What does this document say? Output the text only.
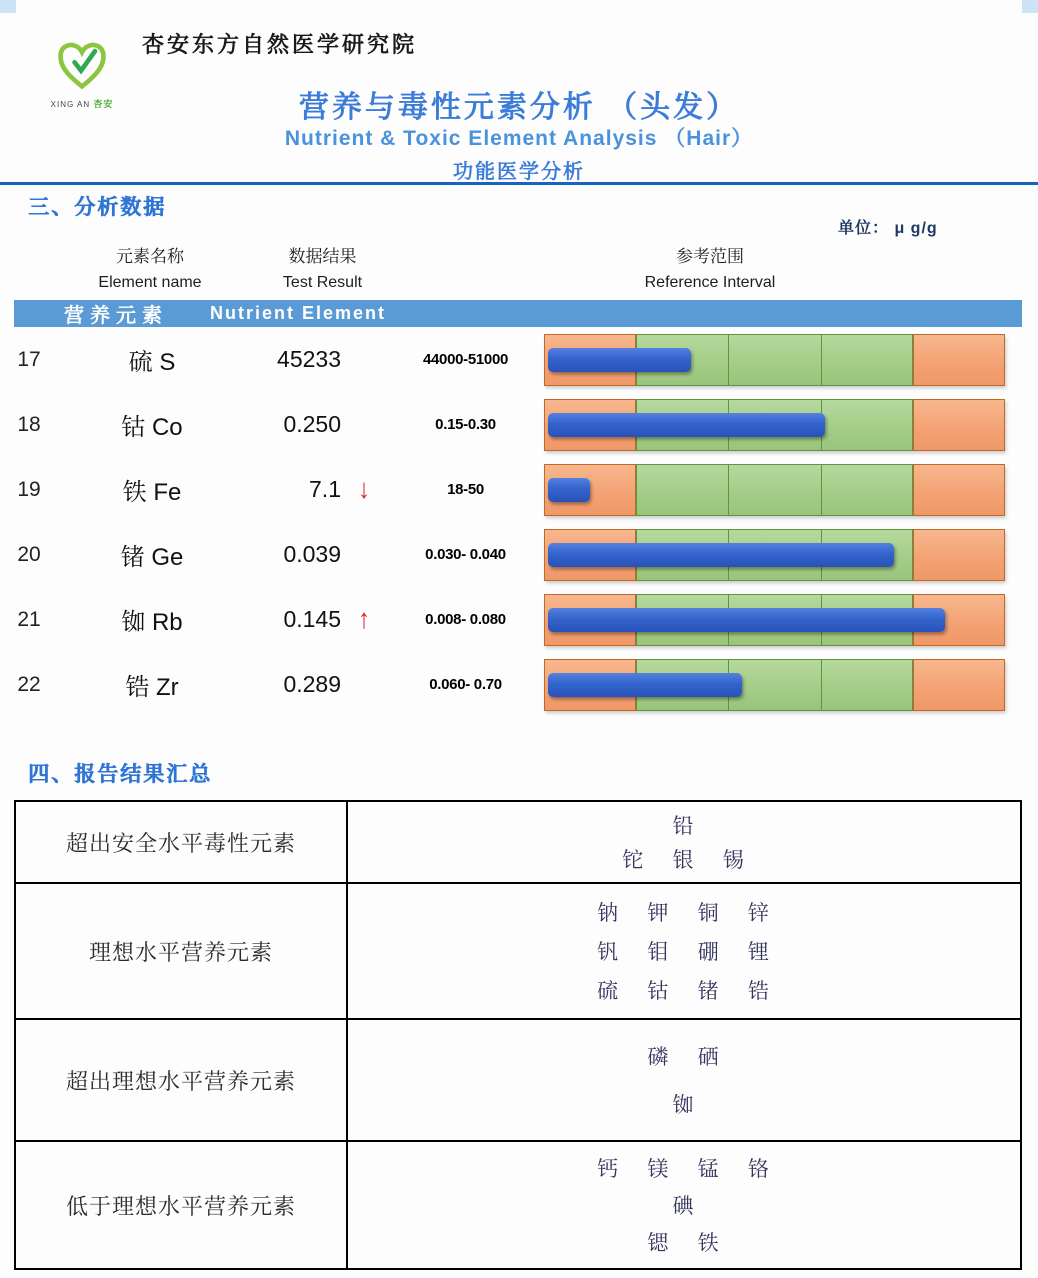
XING AN 杏安
杏安东方自然医学研究院
营养与毒性元素分析 （头发）
Nutrient & Toxic Element Analysis （Hair）
功能医学分析
三、分析数据
单位： μ g/g
元素名称
Element name
数据结果
Test Result
参考范围
Reference Interval
营养元素 Nutrient Element
17	硫 S	45233	44000-51000
18	钴 Co	0.250	0.15-0.30
19	铁 Fe	7.1 ↓	18-50
20	锗 Ge	0.039	0.030- 0.040
21	铷 Rb	0.145 ↑	0.008- 0.080
22	锆 Zr	0.289	0.060- 0.70
四、报告结果汇总
超出安全水平毒性元素
铅
铊 银 锡
理想水平营养元素
钠 钾 铜 锌
钒 钼 硼 锂
硫 钴 锗 锆
超出理想水平营养元素
磷 硒
铷
低于理想水平营养元素
钙 镁 锰 铬
碘
锶 铁
